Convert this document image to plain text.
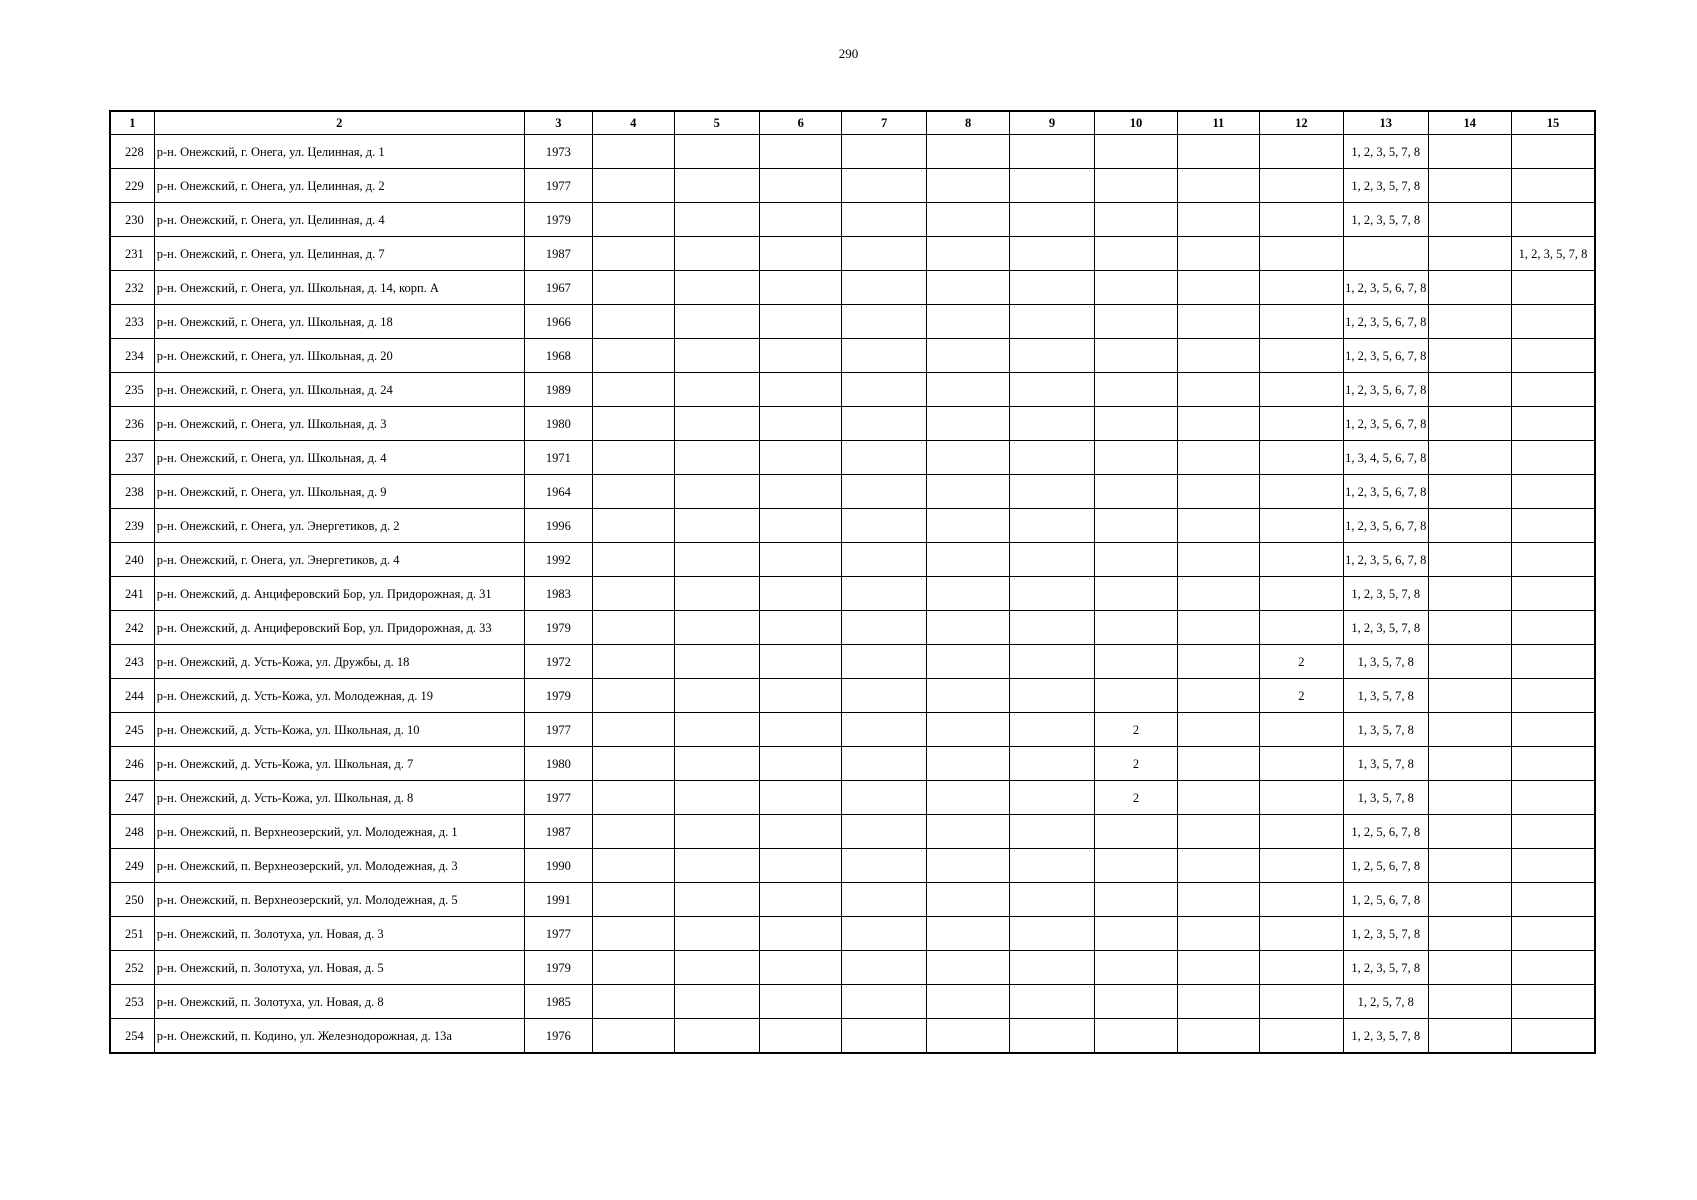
290
1	2	3	4	5	6	7	8	9	10	11	12	13	14	15
228	р-н. Онежский, г. Онега, ул. Целинная, д. 1	1973										1, 2, 3, 5, 7, 8		
229	р-н. Онежский, г. Онега, ул. Целинная, д. 2	1977										1, 2, 3, 5, 7, 8		
230	р-н. Онежский, г. Онега, ул. Целинная, д. 4	1979										1, 2, 3, 5, 7, 8		
231	р-н. Онежский, г. Онега, ул. Целинная, д. 7	1987												1, 2, 3, 5, 7, 8
232	р-н. Онежский, г. Онега, ул. Школьная, д. 14, корп. А	1967										1, 2, 3, 5, 6, 7, 8		
233	р-н. Онежский, г. Онега, ул. Школьная, д. 18	1966										1, 2, 3, 5, 6, 7, 8		
234	р-н. Онежский, г. Онега, ул. Школьная, д. 20	1968										1, 2, 3, 5, 6, 7, 8		
235	р-н. Онежский, г. Онега, ул. Школьная, д. 24	1989										1, 2, 3, 5, 6, 7, 8		
236	р-н. Онежский, г. Онега, ул. Школьная, д. 3	1980										1, 2, 3, 5, 6, 7, 8		
237	р-н. Онежский, г. Онега, ул. Школьная, д. 4	1971										1, 3, 4, 5, 6, 7, 8		
238	р-н. Онежский, г. Онега, ул. Школьная, д. 9	1964										1, 2, 3, 5, 6, 7, 8		
239	р-н. Онежский, г. Онега, ул. Энергетиков, д. 2	1996										1, 2, 3, 5, 6, 7, 8		
240	р-н. Онежский, г. Онега, ул. Энергетиков, д. 4	1992										1, 2, 3, 5, 6, 7, 8		
241	р-н. Онежский, д. Анциферовский Бор, ул. Придорожная, д. 31	1983										1, 2, 3, 5, 7, 8		
242	р-н. Онежский, д. Анциферовский Бор, ул. Придорожная, д. 33	1979										1, 2, 3, 5, 7, 8		
243	р-н. Онежский, д. Усть-Кожа, ул. Дружбы, д. 18	1972									2	1, 3, 5, 7, 8		
244	р-н. Онежский, д. Усть-Кожа, ул. Молодежная, д. 19	1979									2	1, 3, 5, 7, 8		
245	р-н. Онежский, д. Усть-Кожа, ул. Школьная, д. 10	1977							2			1, 3, 5, 7, 8		
246	р-н. Онежский, д. Усть-Кожа, ул. Школьная, д. 7	1980							2			1, 3, 5, 7, 8		
247	р-н. Онежский, д. Усть-Кожа, ул. Школьная, д. 8	1977							2			1, 3, 5, 7, 8		
248	р-н. Онежский, п. Верхнеозерский, ул. Молодежная, д. 1	1987										1, 2, 5, 6, 7, 8		
249	р-н. Онежский, п. Верхнеозерский, ул. Молодежная, д. 3	1990										1, 2, 5, 6, 7, 8		
250	р-н. Онежский, п. Верхнеозерский, ул. Молодежная, д. 5	1991										1, 2, 5, 6, 7, 8		
251	р-н. Онежский, п. Золотуха, ул. Новая, д. 3	1977										1, 2, 3, 5, 7, 8		
252	р-н. Онежский, п. Золотуха, ул. Новая, д. 5	1979										1, 2, 3, 5, 7, 8		
253	р-н. Онежский, п. Золотуха, ул. Новая, д. 8	1985										1, 2, 5, 7, 8		
254	р-н. Онежский, п. Кодино, ул. Железнодорожная, д. 13а	1976										1, 2, 3, 5, 7, 8		
